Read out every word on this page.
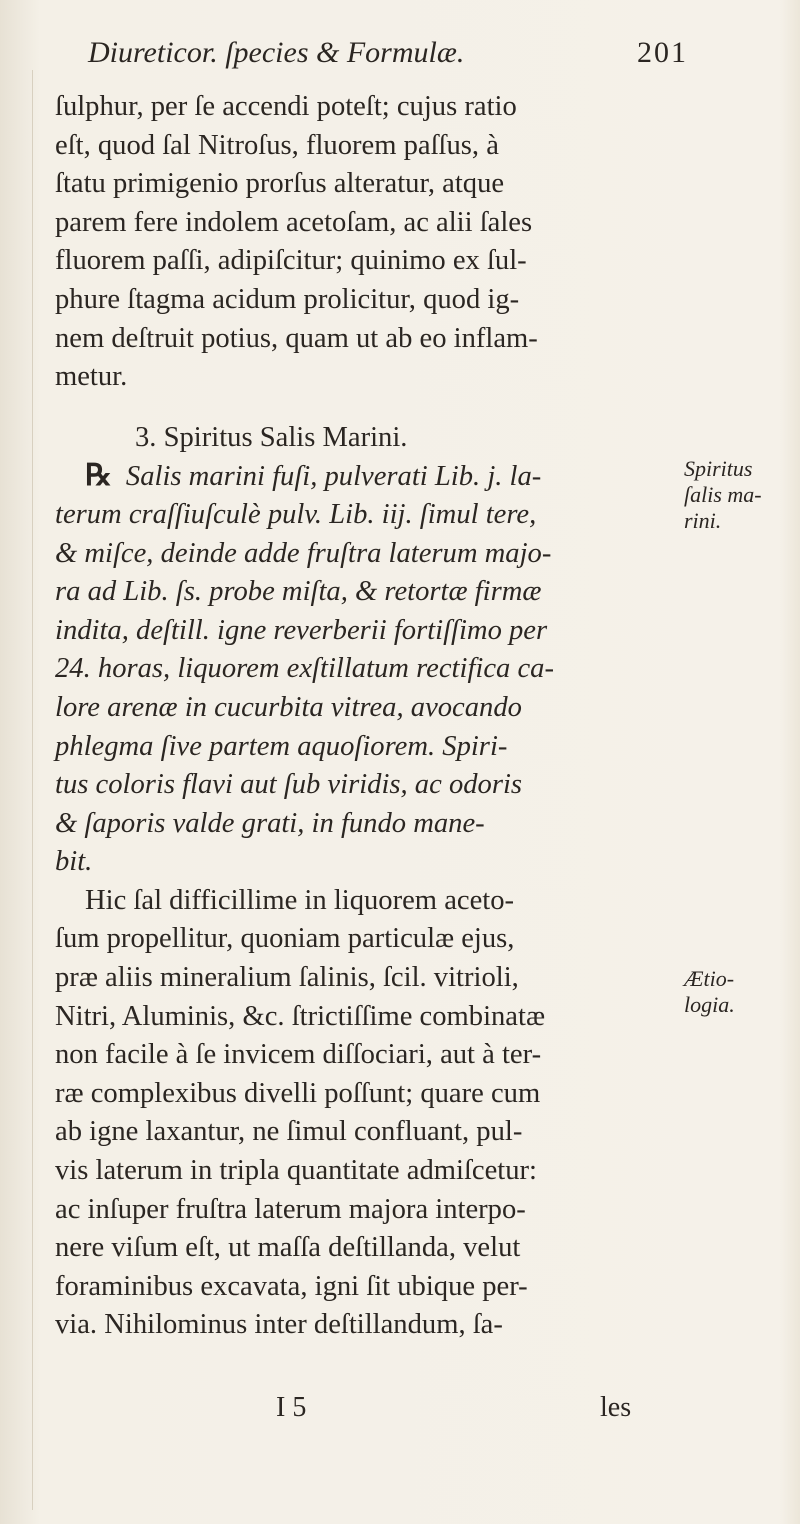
Diureticor. ſpecies & Formulæ.	201
ſulphur, per ſe accendi poteſt; cujus ratio
eſt, quod ſal Nitroſus, fluorem paſſus, à
ſtatu primigenio prorſus alteratur, atque
parem fere indolem acetoſam, ac alii ſales
fluorem paſſi, adipiſcitur; quinimo ex ſul-
phure ſtagma acidum prolicitur, quod ig-
nem deſtruit potius, quam ut ab eo inflam-
metur.
3. Spiritus Salis Marini.
℞ Salis marini fuſi, pulverati Lib. j. la-
terum craſſiuſculè pulv. Lib. iij. ſimul tere,
& miſce, deinde adde fruſtra laterum majo-
ra ad Lib. ſs. probe miſta, & retortæ firmæ
indita, deſtill. igne reverberii fortiſſimo per
24. horas, liquorem exſtillatum rectifica ca-
lore arenæ in cucurbita vitrea, avocando
phlegma ſive partem aquoſiorem. Spiri-
tus coloris flavi aut ſub viridis, ac odoris
& ſaporis valde grati, in fundo mane-
bit.
Hic ſal difficillime in liquorem aceto-
ſum propellitur, quoniam particulæ ejus,
præ aliis mineralium ſalinis, ſcil. vitrioli,
Nitri, Aluminis, &c. ſtrictiſſime combinatæ
non facile à ſe invicem diſſociari, aut à ter-
ræ complexibus divelli poſſunt; quare cum
ab igne laxantur, ne ſimul confluant, pul-
vis laterum in tripla quantitate admiſcetur:
ac inſuper fruſtra laterum majora interpo-
nere viſum eſt, ut maſſa deſtillanda, velut
foraminibus excavata, igni ſit ubique per-
via. Nihilominus inter deſtillandum, ſa-
Spiritus
ſalis ma-
rini.
Ætio-
logia.
I 5	les
